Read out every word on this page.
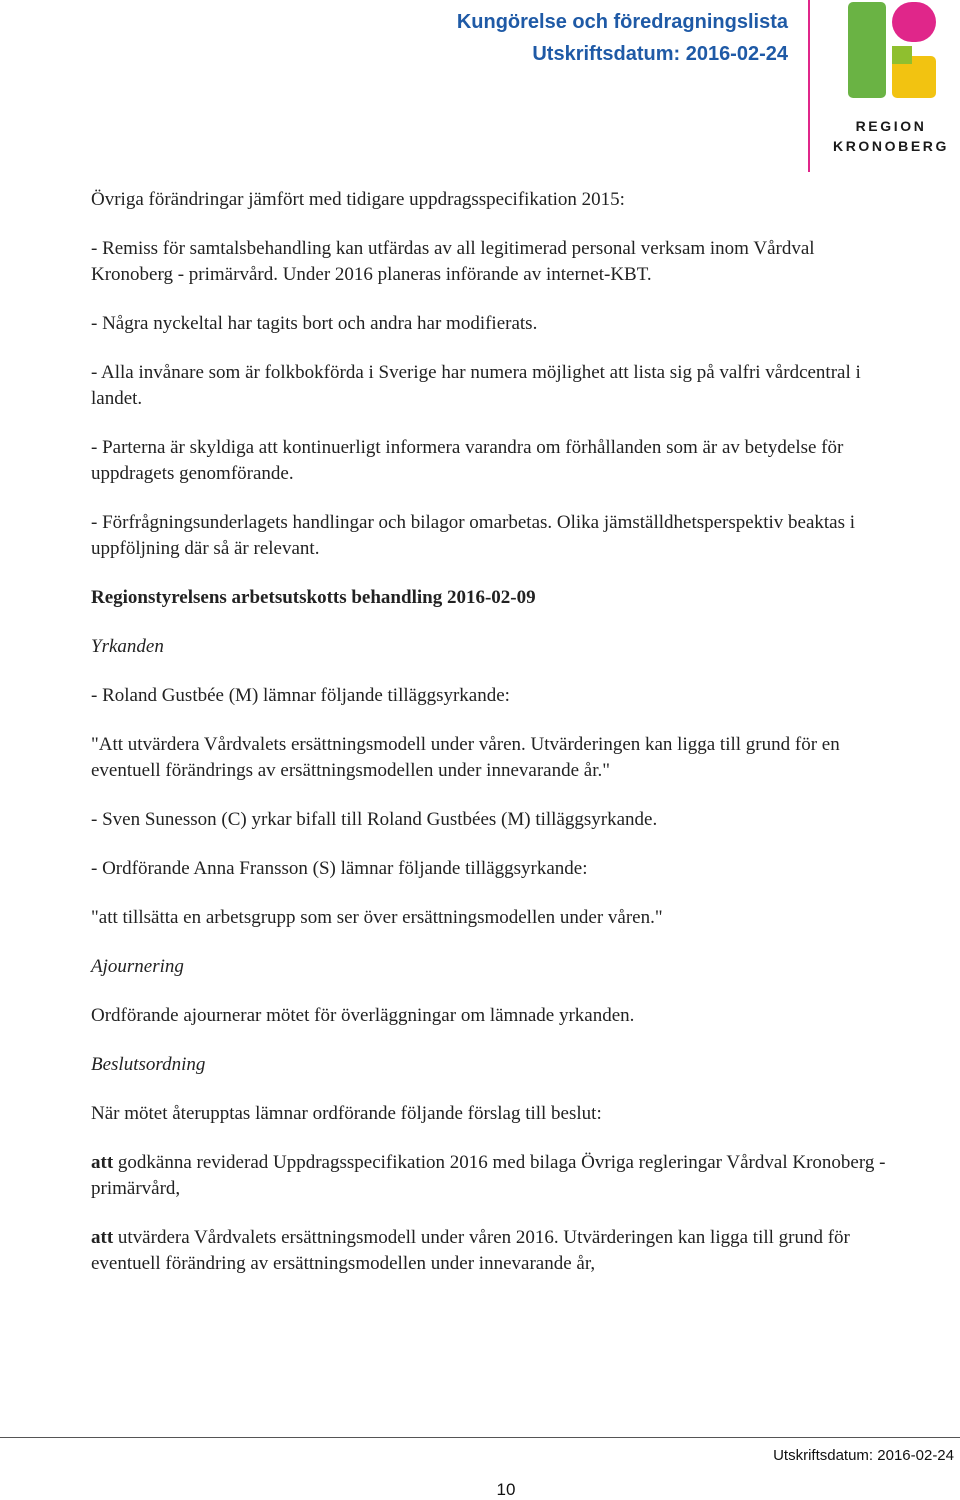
Kungörelse och föredragningslista
Utskriftsdatum: 2016-02-24
REGION
KRONOBERG

Övriga förändringar jämfört med tidigare uppdragsspecifikation 2015:

- Remiss för samtalsbehandling kan utfärdas av all legitimerad personal verksam inom Vårdval Kronoberg - primärvård. Under 2016 planeras införande av internet-KBT.

- Några nyckeltal har tagits bort och andra har modifierats.

- Alla invånare som är folkbokförda i Sverige har numera möjlighet att lista sig på valfri vårdcentral i landet.

- Parterna är skyldiga att kontinuerligt informera varandra om förhållanden som är av betydelse för uppdragets genomförande.

- Förfrågningsunderlagets handlingar och bilagor omarbetas. Olika jämställdhetsperspektiv beaktas i uppföljning där så är relevant.

Regionstyrelsens arbetsutskotts behandling 2016-02-09

Yrkanden

- Roland Gustbée (M) lämnar följande tilläggsyrkande:

"Att utvärdera Vårdvalets ersättningsmodell under våren. Utvärderingen kan ligga till grund för en eventuell förändrings av ersättningsmodellen under innevarande år."

- Sven Sunesson (C) yrkar bifall till Roland Gustbées (M) tilläggsyrkande.

- Ordförande Anna Fransson (S) lämnar följande tilläggsyrkande:

"att tillsätta en arbetsgrupp som ser över ersättningsmodellen under våren."

Ajournering

Ordförande ajournerar mötet för överläggningar om lämnade yrkanden.

Beslutsordning

När mötet återupptas lämnar ordförande följande förslag till beslut:

att godkänna reviderad Uppdragsspecifikation 2016 med bilaga Övriga regleringar Vårdval Kronoberg - primärvård,

att utvärdera Vårdvalets ersättningsmodell under våren 2016. Utvärderingen kan ligga till grund för eventuell förändring av ersättningsmodellen under innevarande år,

Utskriftsdatum: 2016-02-24
10
